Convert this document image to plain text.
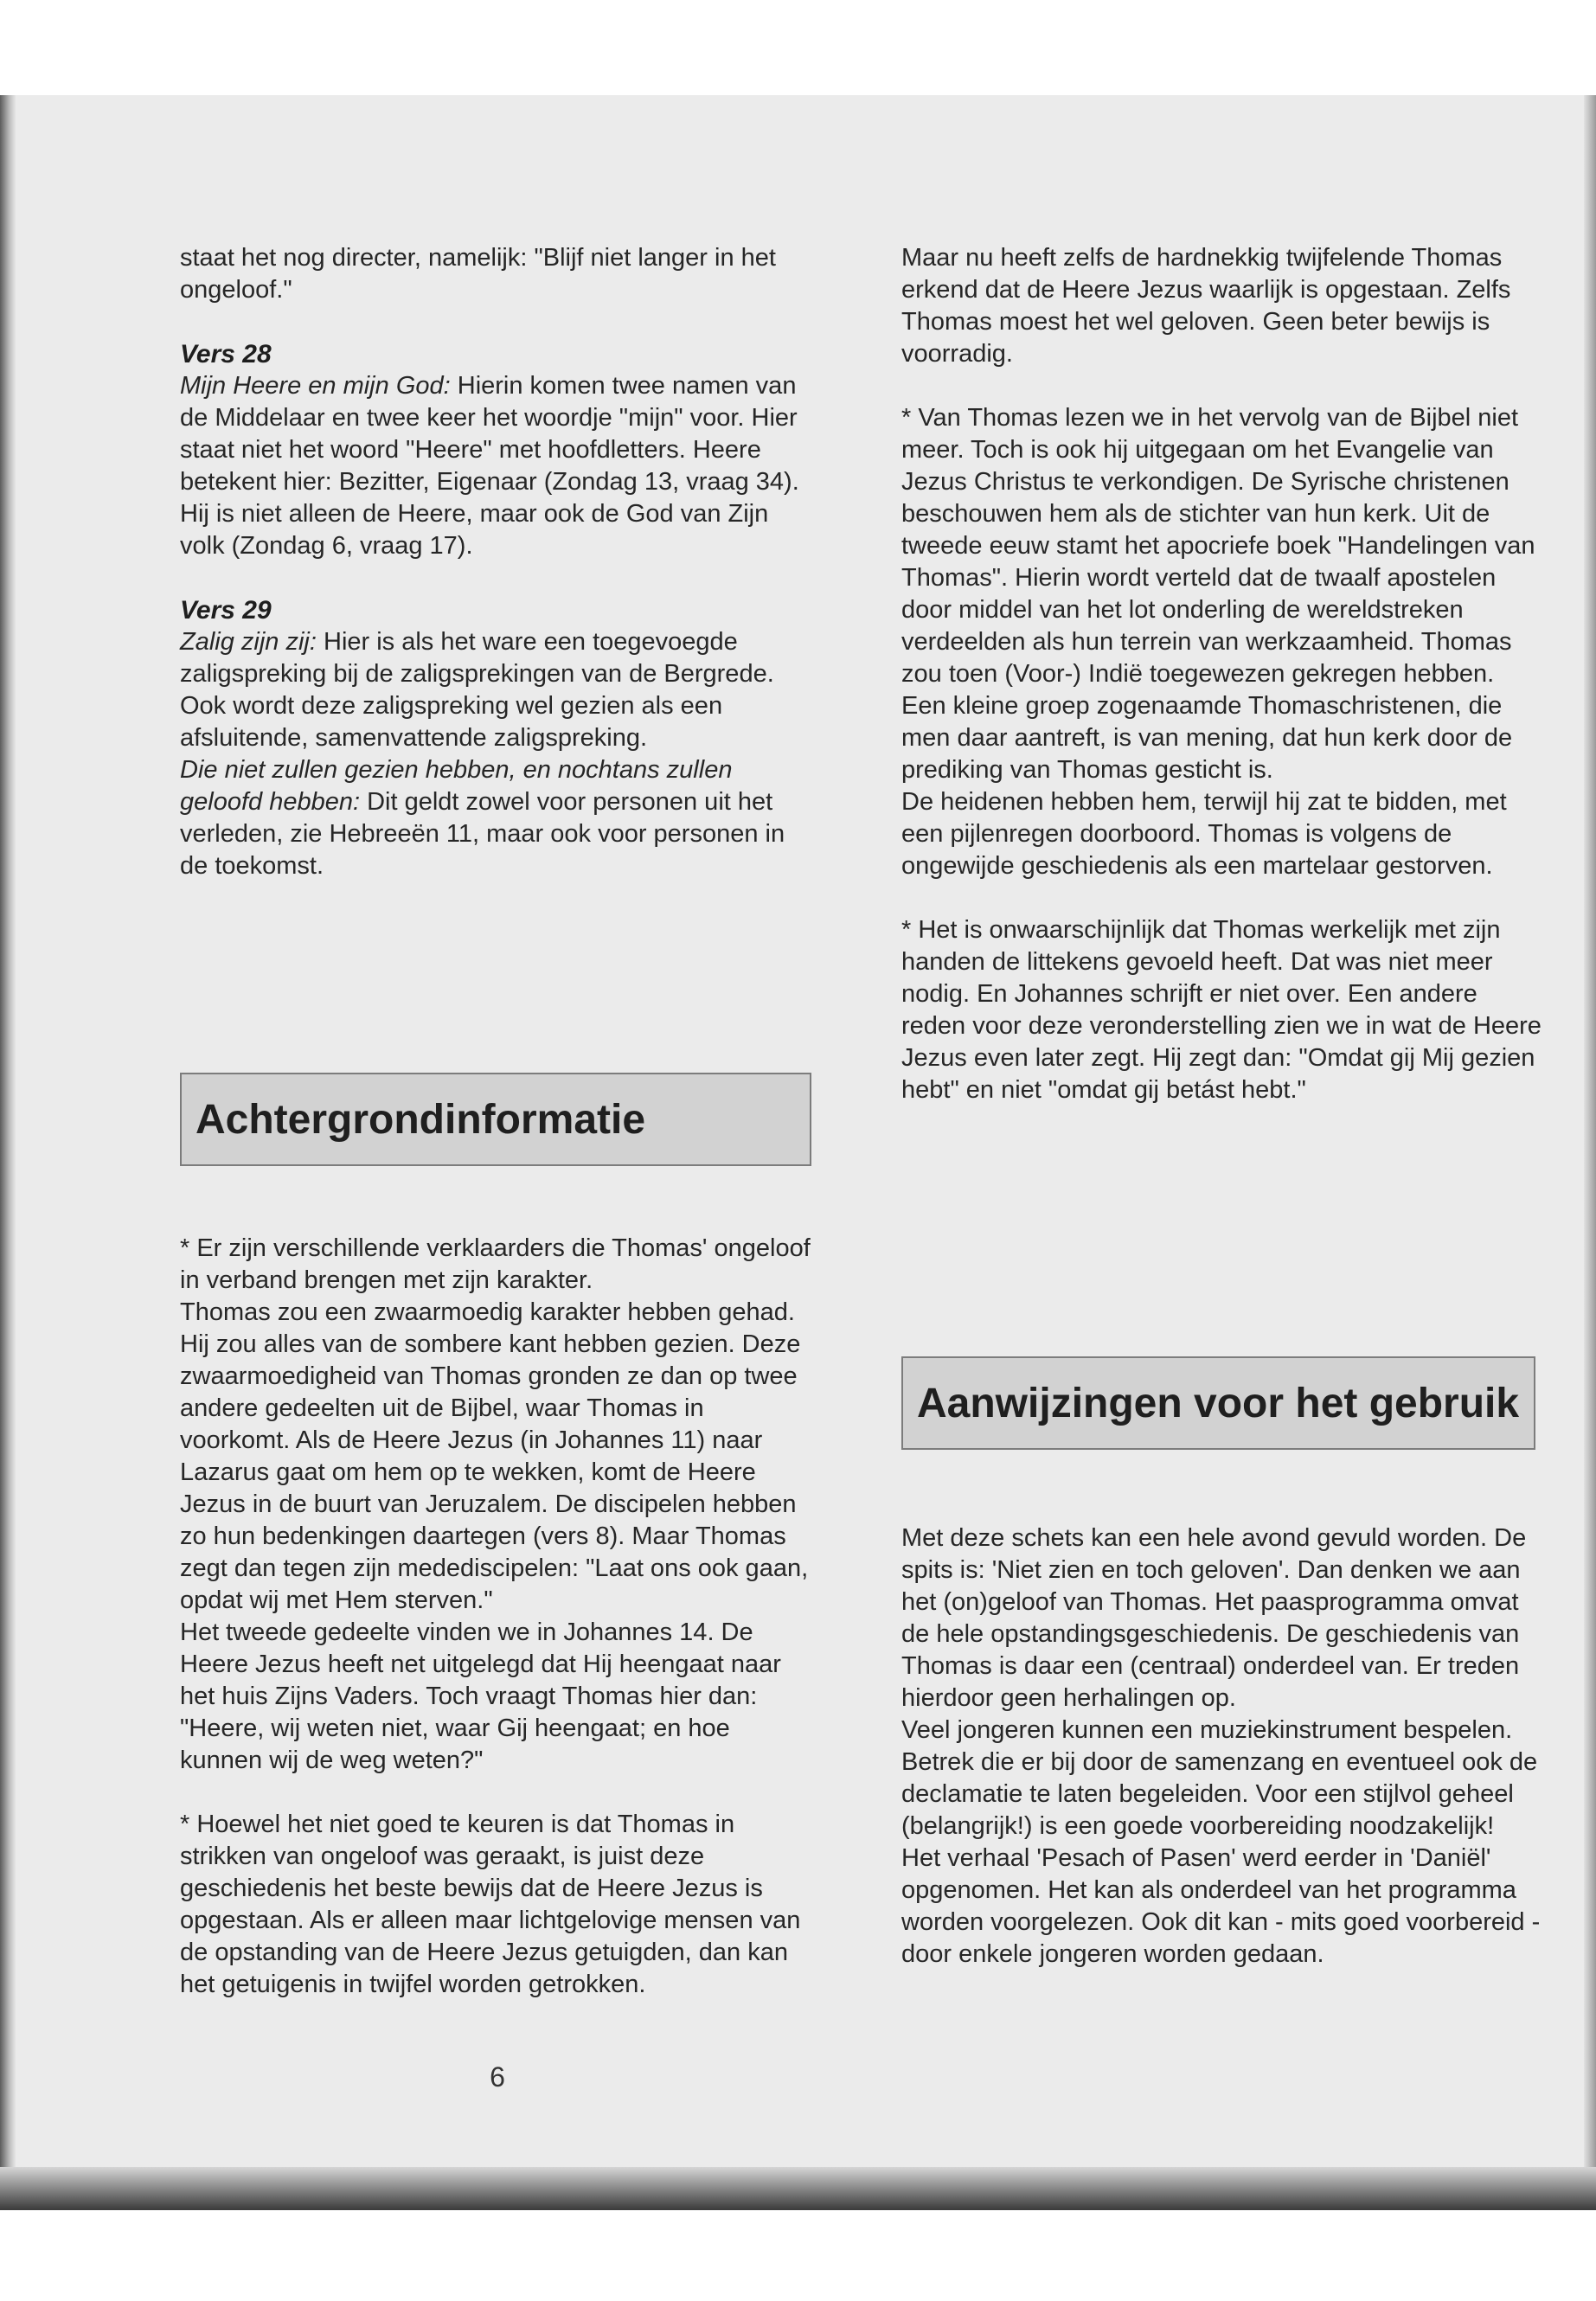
staat het nog directer, namelijk: "Blijf niet langer in het ongeloof."

Vers 28

Mijn Heere en mijn God: Hierin komen twee namen van de Middelaar en twee keer het woordje "mijn" voor. Hier staat niet het woord "Heere" met hoofdletters. Heere betekent hier: Bezitter, Eigenaar (Zondag 13, vraag 34). Hij is niet alleen de Heere, maar ook de God van Zijn volk (Zondag 6, vraag 17).

Vers 29

Zalig zijn zij: Hier is als het ware een toegevoegde zaligspreking bij de zaligsprekingen van de Bergrede. Ook wordt deze zaligspreking wel gezien als een afsluitende, samenvattende zaligspreking.

Die niet zullen gezien hebben, en nochtans zullen geloofd hebben: Dit geldt zowel voor personen uit het verleden, zie Hebreeën 11, maar ook voor personen in de toekomst.

Achtergrondinformatie

* Er zijn verschillende verklaarders die Thomas' ongeloof in verband brengen met zijn karakter.

Thomas zou een zwaarmoedig karakter hebben gehad. Hij zou alles van de sombere kant hebben gezien. Deze zwaarmoedigheid van Thomas gronden ze dan op twee andere gedeelten uit de Bijbel, waar Thomas in voorkomt. Als de Heere Jezus (in Johannes 11) naar Lazarus gaat om hem op te wekken, komt de Heere Jezus in de buurt van Jeruzalem. De discipelen hebben zo hun bedenkingen daartegen (vers 8). Maar Thomas zegt dan tegen zijn medediscipelen: "Laat ons ook gaan, opdat wij met Hem sterven."

Het tweede gedeelte vinden we in Johannes 14. De Heere Jezus heeft net uitgelegd dat Hij heengaat naar het huis Zijns Vaders. Toch vraagt Thomas hier dan: "Heere, wij weten niet, waar Gij heengaat; en hoe kunnen wij de weg weten?"

* Hoewel het niet goed te keuren is dat Thomas in strikken van ongeloof was geraakt, is juist deze geschiedenis het beste bewijs dat de Heere Jezus is opgestaan. Als er alleen maar lichtgelovige mensen van de opstanding van de Heere Jezus getuigden, dan kan het getuigenis in twijfel worden getrokken.

Maar nu heeft zelfs de hardnekkig twijfelende Thomas erkend dat de Heere Jezus waarlijk is opgestaan. Zelfs Thomas moest het wel geloven. Geen beter bewijs is voorradig.

* Van Thomas lezen we in het vervolg van de Bijbel niet meer. Toch is ook hij uitgegaan om het Evangelie van Jezus Christus te verkondigen. De Syrische christenen beschouwen hem als de stichter van hun kerk. Uit de tweede eeuw stamt het apocriefe boek "Handelingen van Thomas". Hierin wordt verteld dat de twaalf apostelen door middel van het lot onderling de wereldstreken verdeelden als hun terrein van werkzaamheid. Thomas zou toen (Voor-) Indië toegewezen gekregen hebben. Een kleine groep zogenaamde Thomaschristenen, die men daar aantreft, is van mening, dat hun kerk door de prediking van Thomas gesticht is.

De heidenen hebben hem, terwijl hij zat te bidden, met een pijlenregen doorboord. Thomas is volgens de ongewijde geschiedenis als een martelaar gestorven.

* Het is onwaarschijnlijk dat Thomas werkelijk met zijn handen de littekens gevoeld heeft. Dat was niet meer nodig. En Johannes schrijft er niet over. Een andere reden voor deze veronderstelling zien we in wat de Heere Jezus even later zegt. Hij zegt dan: "Omdat gij Mij gezien hebt" en niet "omdat gij betást hebt."

Aanwijzingen voor het gebruik

Met deze schets kan een hele avond gevuld worden. De spits is: 'Niet zien en toch geloven'. Dan denken we aan het (on)geloof van Thomas. Het paasprogramma omvat de hele opstandingsgeschiedenis. De geschiedenis van Thomas is daar een (centraal) onderdeel van. Er treden hierdoor geen herhalingen op.

Veel jongeren kunnen een muziekinstrument bespelen. Betrek die er bij door de samenzang en eventueel ook de declamatie te laten begeleiden. Voor een stijlvol geheel (belangrijk!) is een goede voorbereiding noodzakelijk!

Het verhaal 'Pesach of Pasen' werd eerder in 'Daniël' opgenomen. Het kan als onderdeel van het programma worden voorgelezen. Ook dit kan - mits goed voorbereid - door enkele jongeren worden gedaan.

6
